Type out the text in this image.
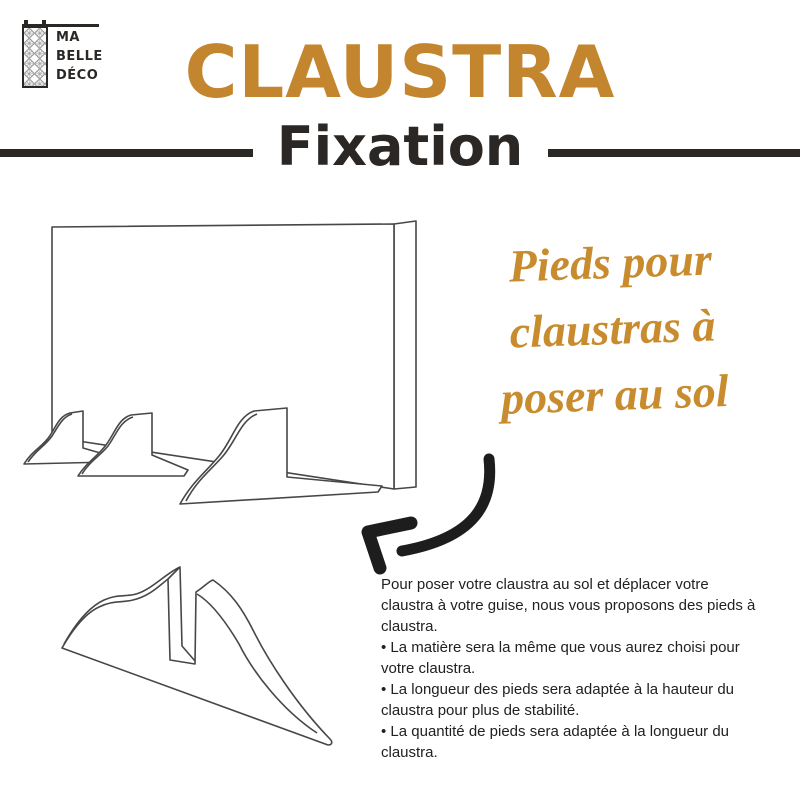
MA
BELLE
DÉCO	CLAUSTRA
Fixation
Pieds pour
claustras à
poser au sol

Pour poser votre claustra au sol et déplacer votre claustra à votre guise, nous vous proposons des pieds à claustra.

• La matière sera la même que vous aurez choisi pour votre claustra.

• La longueur des pieds sera adaptée à la hauteur du claustra pour plus de stabilité.

• La quantité de pieds sera adaptée à la longueur du claustra.
